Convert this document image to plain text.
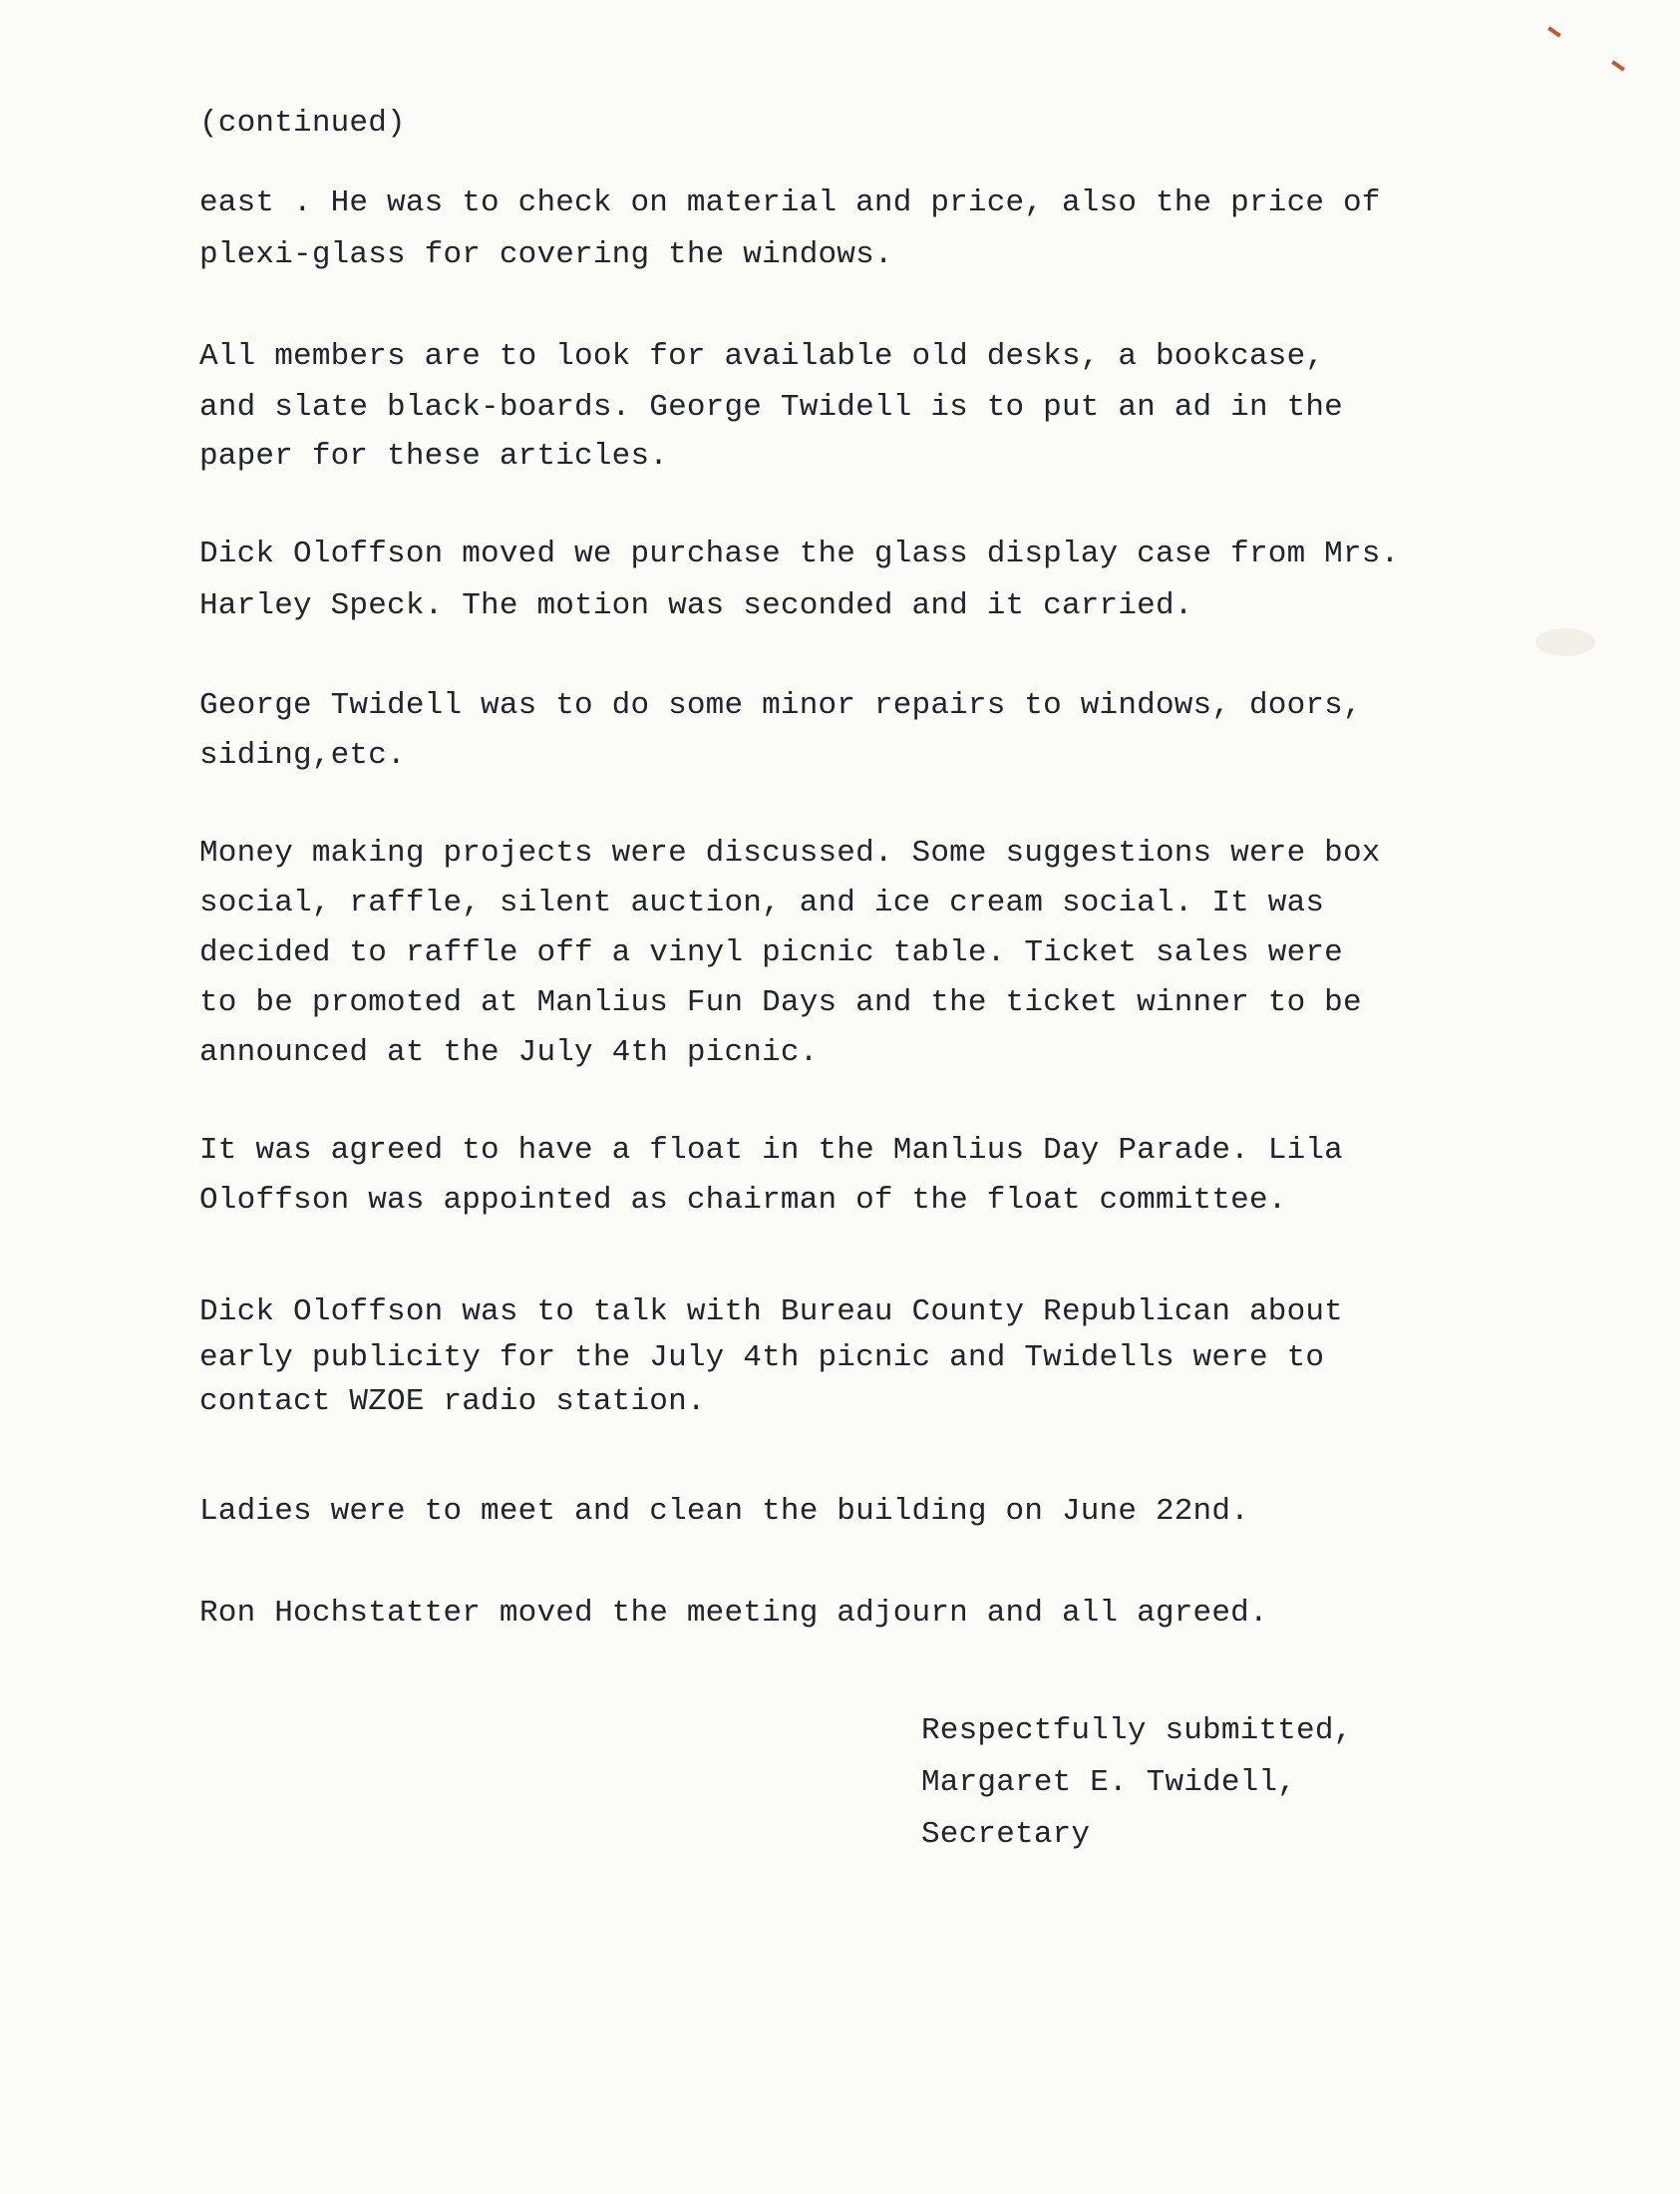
(continued)
east . He was to check on material and price, also the price of
plexi-glass for covering the windows.
All members are to look for available old desks, a bookcase,
and slate black-boards. George Twidell is to put an ad in the
paper for these articles.
Dick Oloffson moved we purchase the glass display case from Mrs.
Harley Speck. The motion was seconded and it carried.
George Twidell was to do some minor repairs to windows, doors,
siding,etc.
Money making projects were discussed. Some suggestions were box
social, raffle, silent auction, and ice cream social. It was
decided to raffle off a vinyl picnic table. Ticket sales were
to be promoted at Manlius Fun Days and the ticket winner to be
announced at the July 4th picnic.
It was agreed to have a float in the Manlius Day Parade. Lila
Oloffson was appointed as chairman of the float committee.
Dick Oloffson was to talk with Bureau County Republican about
early publicity for the July 4th picnic and Twidells were to
contact WZOE radio station.
Ladies were to meet and clean the building on June 22nd.
Ron Hochstatter moved the meeting adjourn and all agreed.
Respectfully submitted,
Margaret E. Twidell,
Secretary
